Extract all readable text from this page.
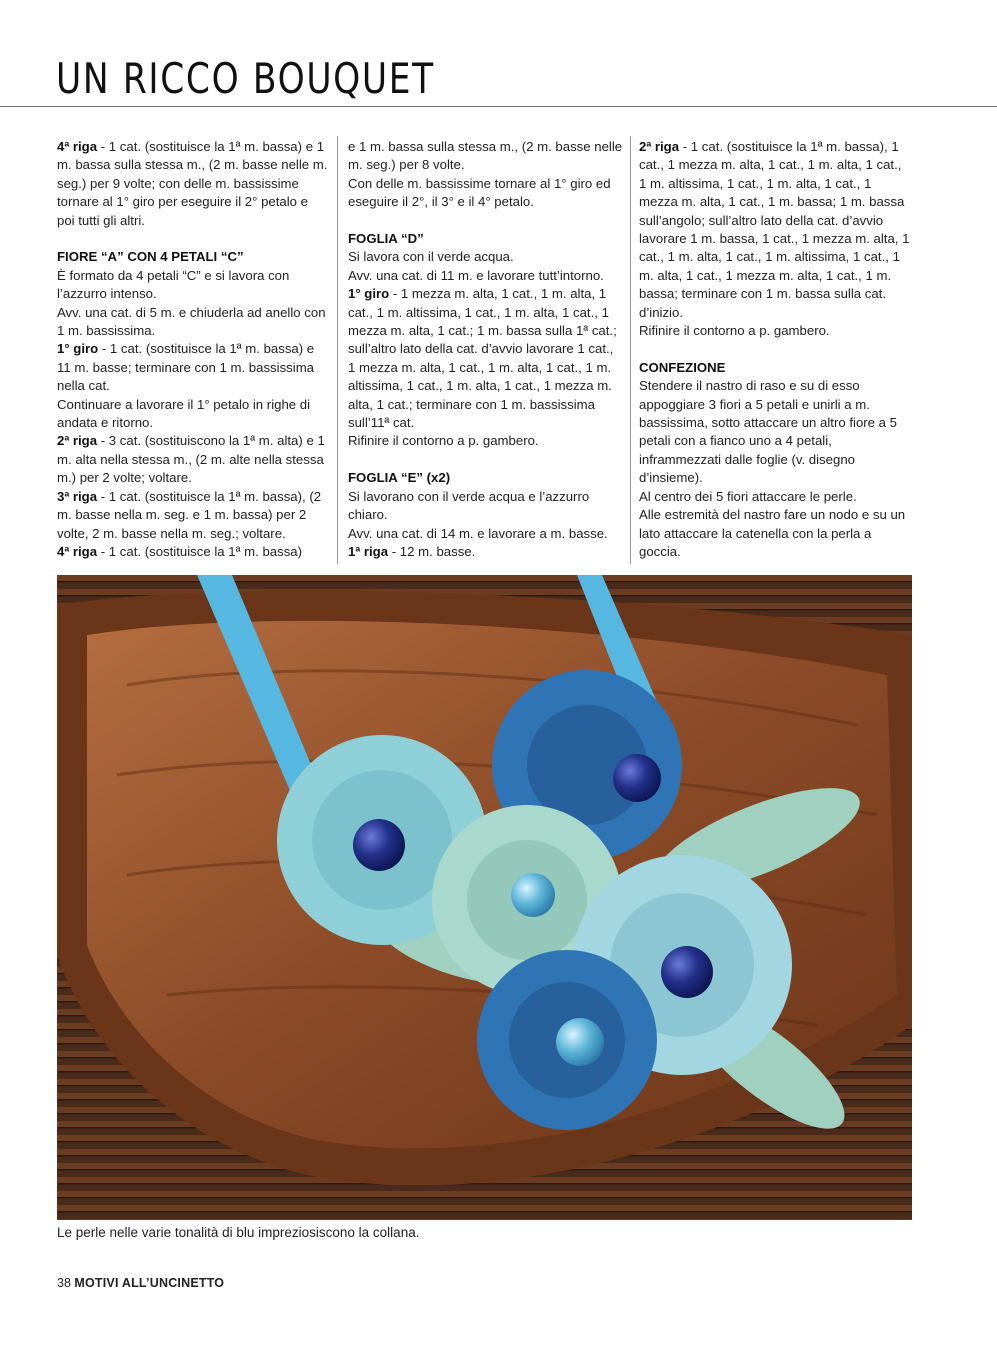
UN RICCO BOUQUET

4ª riga - 1 cat. (sostituisce la 1ª m. bassa) e 1 m. bassa sulla stessa m., (2 m. basse nelle m. seg.) per 9 volte; con delle m. bassissime tornare al 1° giro per eseguire il 2° petalo e poi tutti gli altri.

FIORE “A” CON 4 PETALI “C”

È formato da 4 petali “C” e si lavora con l’azzurro intenso.

Avv. una cat. di 5 m. e chiuderla ad anello con 1 m. bassissima.

1° giro - 1 cat. (sostituisce la 1ª m. bassa) e 11 m. basse; terminare con 1 m. bassissima nella cat.

Continuare a lavorare il 1° petalo in righe di andata e ritorno.

2ª riga - 3 cat. (sostituiscono la 1ª m. alta) e 1 m. alta nella stessa m., (2 m. alte nella stessa m.) per 2 volte; voltare.

3ª riga - 1 cat. (sostituisce la 1ª m. bassa), (2 m. basse nella m. seg. e 1 m. bassa) per 2 volte, 2 m. basse nella m. seg.; voltare.

4ª riga - 1 cat. (sostituisce la 1ª m. bassa)

e 1 m. bassa sulla stessa m., (2 m. basse nelle m. seg.) per 8 volte.

Con delle m. bassissime tornare al 1° giro ed eseguire il 2°, il 3° e il 4° petalo.

FOGLIA “D”

Si lavora con il verde acqua.

Avv. una cat. di 11 m. e lavorare tutt’intorno.

1° giro - 1 mezza m. alta, 1 cat., 1 m. alta, 1 cat., 1 m. altissima, 1 cat., 1 m. alta, 1 cat., 1 mezza m. alta, 1 cat.; 1 m. bassa sulla 1ª cat.; sull’altro lato della cat. d’avvio lavorare 1 cat., 1 mezza m. alta, 1 cat., 1 m. alta, 1 cat., 1 m. altissima, 1 cat., 1 m. alta, 1 cat., 1 mezza m. alta, 1 cat.; terminare con 1 m. bassissima sull’11ª cat.

Rifinire il contorno a p. gambero.

FOGLIA “E” (x2)

Si lavorano con il verde acqua e l’azzurro chiaro.

Avv. una cat. di 14 m. e lavorare a m. basse.

1ª riga - 12 m. basse.

2ª riga - 1 cat. (sostituisce la 1ª m. bassa), 1 cat., 1 mezza m. alta, 1 cat., 1 m. alta, 1 cat., 1 m. altissima, 1 cat., 1 m. alta, 1 cat., 1 mezza m. alta, 1 cat., 1 m. bassa; 1 m. bassa sull’angolo; sull’altro lato della cat. d’avvio lavorare 1 m. bassa, 1 cat., 1 mezza m. alta, 1 cat., 1 m. alta, 1 cat., 1 m. altissima, 1 cat., 1 m. alta, 1 cat., 1 mezza m. alta, 1 cat., 1 m. bassa; terminare con 1 m. bassa sulla cat. d’inizio.

Rifinire il contorno a p. gambero.

CONFEZIONE

Stendere il nastro di raso e su di esso appoggiare 3 fiori a 5 petali e unirli a m. bassissima, sotto attaccare un altro fiore a 5 petali con a fianco uno a 4 petali, inframmezzati dalle foglie (v. disegno d’insieme).

Al centro dei 5 fiori attaccare le perle.

Alle estremità del nastro fare un nodo e su un lato attaccare la catenella con la perla a goccia.

Le perle nelle varie tonalità di blu impreziosiscono la collana.
38 MOTIVI ALL’UNCINETTO
